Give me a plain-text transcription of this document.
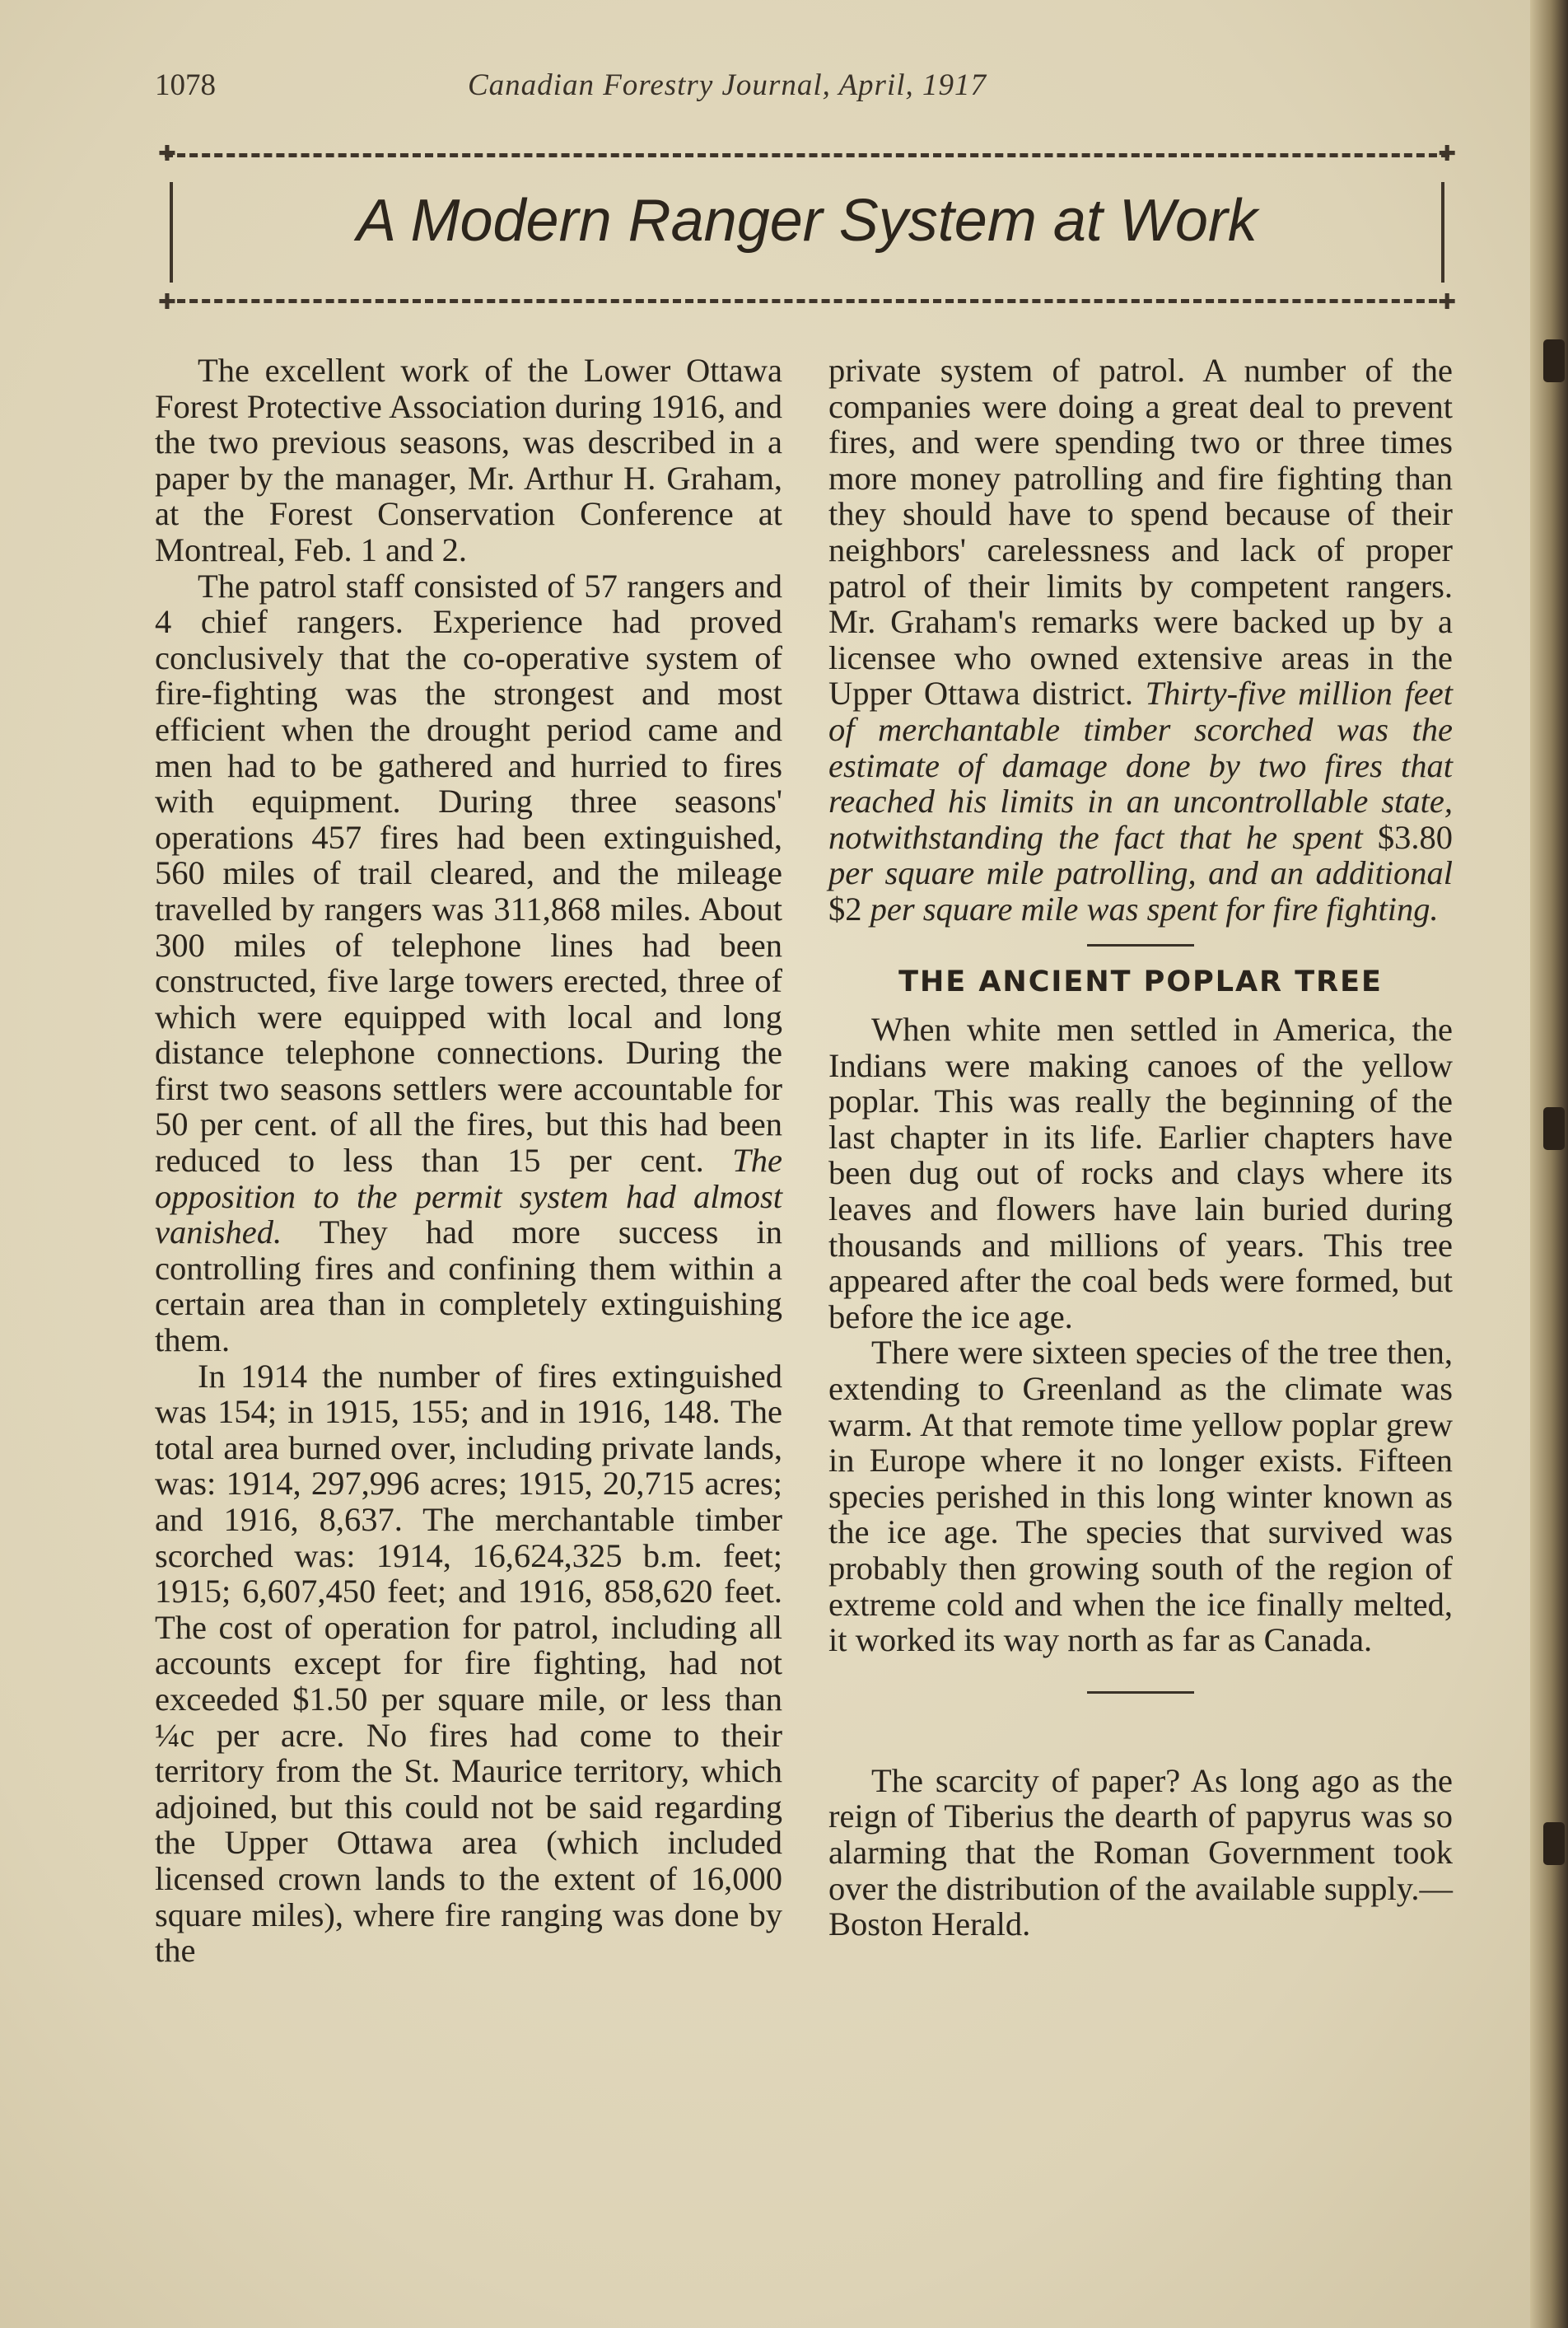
1078	Canadian Forestry Journal, April, 1917
✚	✚
✚	✚
A Modern Ranger System at Work

The excellent work of the Lower Ottawa Forest Protective Association during 1916, and the two previous seasons, was described in a paper by the manager, Mr. Arthur H. Graham, at the Forest Conservation Conference at Montreal, Feb. 1 and 2.

The patrol staff consisted of 57 rangers and 4 chief rangers. Experience had proved conclusively that the co-operative system of fire-fighting was the strongest and most efficient when the drought period came and men had to be gathered and hurried to fires with equipment. During three seasons' operations 457 fires had been extinguished, 560 miles of trail cleared, and the mileage travelled by rangers was 311,868 miles. About 300 miles of telephone lines had been constructed, five large towers erected, three of which were equipped with local and long distance telephone connections. During the first two seasons settlers were accountable for 50 per cent. of all the fires, but this had been reduced to less than 15 per cent. The opposition to the permit system had almost vanished. They had more success in controlling fires and confining them within a certain area than in completely extinguishing them.

In 1914 the number of fires extinguished was 154; in 1915, 155; and in 1916, 148. The total area burned over, including private lands, was: 1914, 297,996 acres; 1915, 20,715 acres; and 1916, 8,637. The merchantable timber scorched was: 1914, 16,624,325 b.m. feet; 1915; 6,607,450 feet; and 1916, 858,620 feet. The cost of operation for patrol, including all accounts except for fire fighting, had not exceeded $1.50 per square mile, or less than ¼c per acre. No fires had come to their territory from the St. Maurice territory, which adjoined, but this could not be said regarding the Upper Ottawa area (which included licensed crown lands to the extent of 16,000 square miles), where fire ranging was done by the

private system of patrol. A number of the companies were doing a great deal to prevent fires, and were spending two or three times more money patrolling and fire fighting than they should have to spend because of their neighbors' carelessness and lack of proper patrol of their limits by competent rangers. Mr. Graham's remarks were backed up by a licensee who owned extensive areas in the Upper Ottawa district. Thirty-five million feet of merchantable timber scorched was the estimate of damage done by two fires that reached his limits in an uncontrollable state, notwithstanding the fact that he spent $3.80 per square mile patrolling, and an additional $2 per square mile was spent for fire fighting.

THE ANCIENT POPLAR TREE

When white men settled in America, the Indians were making canoes of the yellow poplar. This was really the beginning of the last chapter in its life. Earlier chapters have been dug out of rocks and clays where its leaves and flowers have lain buried during thousands and millions of years. This tree appeared after the coal beds were formed, but before the ice age.

There were sixteen species of the tree then, extending to Greenland as the climate was warm. At that remote time yellow poplar grew in Europe where it no longer exists. Fifteen species perished in this long winter known as the ice age. The species that survived was probably then growing south of the region of extreme cold and when the ice finally melted, it worked its way north as far as Canada.

The scarcity of paper? As long ago as the reign of Tiberius the dearth of papyrus was so alarming that the Roman Government took over the distribution of the available supply.—Boston Herald.
